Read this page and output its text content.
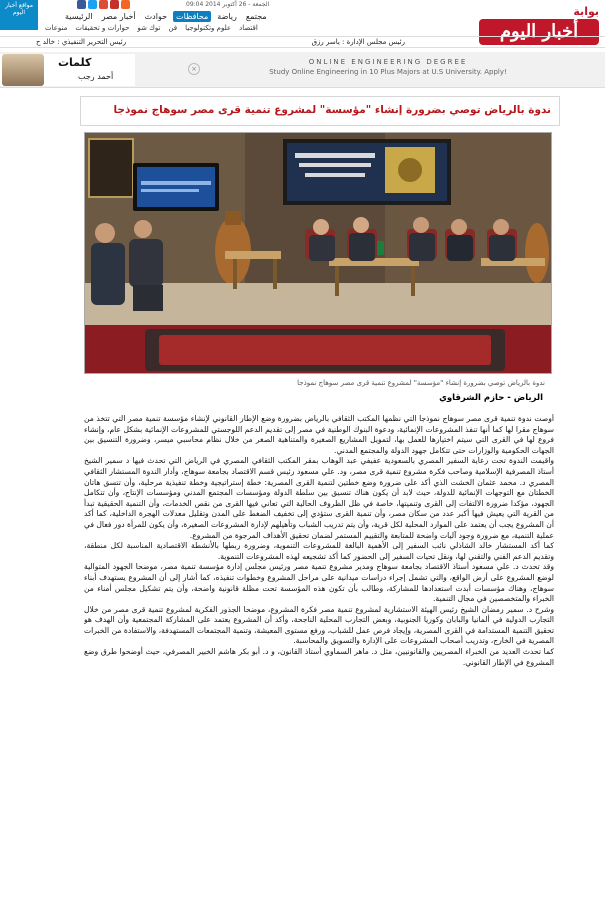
مواقع أخبار اليوم
الجمعة - 26 أكتوبر 2014 09:04
الرئيسية	أخبار مصر	حوادث	محافظات	رياضة	مجتمع
منوعات حوارات و تحقيقات توك شو فن علوم وتكنولوجيا اقتصاد
بوابة
أخبار اليوم
رئيس مجلس الإدارة : ياسر رزق
رئيس التحرير التنفيذي : خالد ح
كلمات
أحمد رجب
×
ONLINE ENGINEERING DEGREE
Study Online Engineering in 10 Plus Majors at U.S University. Apply!
ندوة بالرياض توصي بضرورة إنشاء "مؤسسة" لمشروع تنمية قرى مصر سوهاج نموذجا
ندوة بالرياض توصي بضرورة إنشاء "مؤسسة" لمشروع تنمية قرى مصر سوهاج نموذجا
الرياض - حازم الشرقاوي

أوصت ندوة تنمية قرى مصر سوهاج نموذجا التي نظمها المكتب الثقافي بالرياض بضرورة وضع الإطار القانوني لإنشاء مؤسسة تنمية مصر التي تتخذ من سوهاج مقرا لها كما أنها تنفذ المشروعات الإنمائية، ودعوة البنوك الوطنية في مصر إلى تقديم الدعم اللوجستي للمشروعات الإنمائية بشكل عام، وإنشاء فروع لها في القرى التي سيتم اختيارها للعمل بها، لتمويل المشاريع الصغيرة والمتناهية الصغر من خلال نظام محاسبي ميسر، وضرورة التنسيق بين الجهات الحكومية والوزارات حتى تتكامل جهود الدولة والمجتمع المدني.

واقيمت الندوة تحت رعاية السفير المصري بالسعودية عفيفي عبد الوهاب بمقر المكتب الثقافي المصري في الرياض التي تحدث فيها د سمير الشيخ أستاذ المصرفية الإسلامية وصاحب فكرة مشروع تنمية قرى مصر، ود. علي مسعود رئيس قسم الاقتصاد بجامعة سوهاج، وأدار الندوة المستشار الثقافي المصري د. محمد عثمان الخشت الذي أكد على ضرورة وضع خطتين لتنمية القرى المصرية: خطة إستراتيجية وخطة تنفيذية مرحلية، وأن تتسق هاتان الخطتان مع التوجهات الإنمائية للدولة، حيث لابد أن يكون هناك تنسيق بين سلطة الدولة ومؤسسات المجتمع المدني ومؤسسات الإنتاج، وأن تتكامل الجهود، مؤكدا ضرورة الالتفات إلى القرى وتنميتها، خاصة في ظل الظروف الحالية التي تعاني فيها القرى من نقص الخدمات، وأن التنمية الحقيقية تبدأ من القرية التي يعيش فيها أكبر عدد من سكان مصر، وأن تنمية القرى ستؤدي إلى تخفيف الضغط على المدن وتقليل معدلات الهجرة الداخلية، كما أكد أن المشروع يجب أن يعتمد على الموارد المحلية لكل قرية، وأن يتم تدريب الشباب وتأهيلهم لإدارة المشروعات الصغيرة، وأن يكون للمرأة دور فعال في عملية التنمية، مع ضرورة وجود آليات واضحة للمتابعة والتقييم المستمر لضمان تحقيق الأهداف المرجوة من المشروع.

كما أكد المستشار خالد الشاذلي نائب السفير إلى الأهمية البالغة للمشروعات التنموية، وضرورة ربطها بالأنشطة الاقتصادية المناسبة لكل منطقة، وتقديم الدعم الفني والتقني لها، ونقل تحيات السفير إلى الحضور كما أكد تشجيعه لهذه المشروعات التنموية.

وقد تحدث د. علي مسعود أستاذ الاقتصاد بجامعة سوهاج ومدير مشروع تنمية مصر ورئيس مجلس إدارة مؤسسة تنمية مصر، موضحا الجهود المتوالية لوضع المشروع على أرض الواقع، والتي تشمل إجراء دراسات ميدانية على مراحل المشروع وخطوات تنفيذه، كما أشار إلى أن المشروع يستهدف أبناء سوهاج، وهناك مؤسسات أبدت استعدادها للمشاركة، وطالب بأن تكون هذه المؤسسة تحت مظلة قانونية واضحة، وأن يتم تشكيل مجلس أمناء من الخبراء والمتخصصين في مجال التنمية.

وشرح د. سمير رمضان الشيخ رئيس الهيئة الاستشارية لمشروع تنمية مصر فكرة المشروع، موضحا الجذور الفكرية لمشروع تنمية قرى مصر من خلال التجارب الدولية في ألمانيا والبابان وكوريا الجنوبية، وبعض التجارب المحلية الناجحة، وأكد أن المشروع يعتمد على المشاركة المجتمعية وأن الهدف هو تحقيق التنمية المستدامة في القرى المصرية، وإيجاد فرص عمل للشباب، ورفع مستوى المعيشة، وتنمية المجتمعات المستهدفة، والاستفادة من الخبرات المصرية في الخارج، وتدريب أصحاب المشروعات على الإدارة والتسويق والمحاسبة.

كما تحدث العديد من الخبراء المصريين والقانونيين، مثل د. ماهر السماوي أستاذ القانون، و د. أبو بكر هاشم الخبير المصرفي، حيث أوضحوا طرق وضع المشروع في الإطار القانوني.
